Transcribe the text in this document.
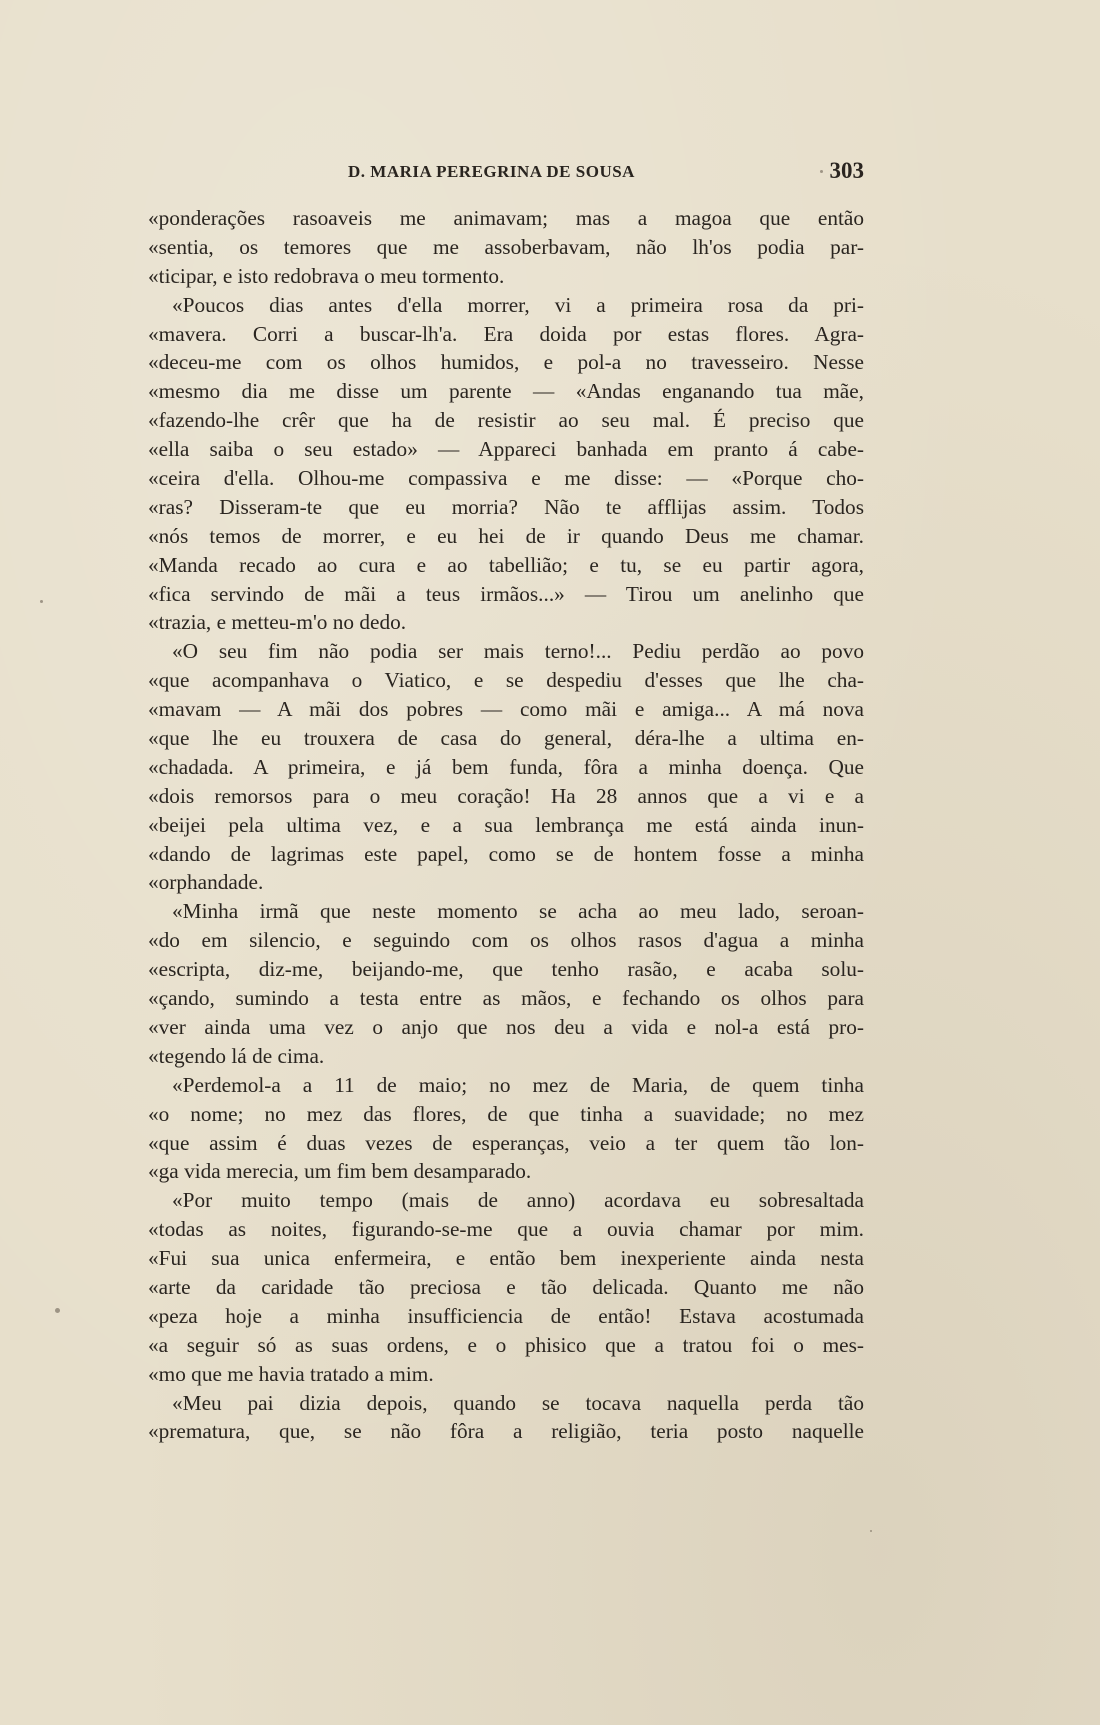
D. MARIA PEREGRINA DE SOUSA	303
«ponderações rasoaveis me animavam; mas a magoa que então
«sentia, os temores que me assoberbavam, não lh'os podia par-
«ticipar, e isto redobrava o meu tormento.
«Poucos dias antes d'ella morrer, vi a primeira rosa da pri-
«mavera. Corri a buscar-lh'a. Era doida por estas flores. Agra-
«deceu-me com os olhos humidos, e pol-a no travesseiro. Nesse
«mesmo dia me disse um parente — «Andas enganando tua mãe,
«fazendo-lhe crêr que ha de resistir ao seu mal. É preciso que
«ella saiba o seu estado» — Appareci banhada em pranto á cabe-
«ceira d'ella. Olhou-me compassiva e me disse: — «Porque cho-
«ras? Disseram-te que eu morria? Não te afflijas assim. Todos
«nós temos de morrer, e eu hei de ir quando Deus me chamar.
«Manda recado ao cura e ao tabellião; e tu, se eu partir agora,
«fica servindo de mãi a teus irmãos...» — Tirou um anelinho que
«trazia, e metteu-m'o no dedo.
«O seu fim não podia ser mais terno!... Pediu perdão ao povo
«que acompanhava o Viatico, e se despediu d'esses que lhe cha-
«mavam — A mãi dos pobres — como mãi e amiga... A má nova
«que lhe eu trouxera de casa do general, déra-lhe a ultima en-
«chadada. A primeira, e já bem funda, fôra a minha doença. Que
«dois remorsos para o meu coração! Ha 28 annos que a vi e a
«beijei pela ultima vez, e a sua lembrança me está ainda inun-
«dando de lagrimas este papel, como se de hontem fosse a minha
«orphandade.
«Minha irmã que neste momento se acha ao meu lado, seroan-
«do em silencio, e seguindo com os olhos rasos d'agua a minha
«escripta, diz-me, beijando-me, que tenho rasão, e acaba solu-
«çando, sumindo a testa entre as mãos, e fechando os olhos para
«ver ainda uma vez o anjo que nos deu a vida e nol-a está pro-
«tegendo lá de cima.
«Perdemol-a a 11 de maio; no mez de Maria, de quem tinha
«o nome; no mez das flores, de que tinha a suavidade; no mez
«que assim é duas vezes de esperanças, veio a ter quem tão lon-
«ga vida merecia, um fim bem desamparado.
«Por muito tempo (mais de anno) acordava eu sobresaltada
«todas as noites, figurando-se-me que a ouvia chamar por mim.
«Fui sua unica enfermeira, e então bem inexperiente ainda nesta
«arte da caridade tão preciosa e tão delicada. Quanto me não
«peza hoje a minha insufficiencia de então! Estava acostumada
«a seguir só as suas ordens, e o phisico que a tratou foi o mes-
«mo que me havia tratado a mim.
«Meu pai dizia depois, quando se tocava naquella perda tão
«prematura, que, se não fôra a religião, teria posto naquelle
